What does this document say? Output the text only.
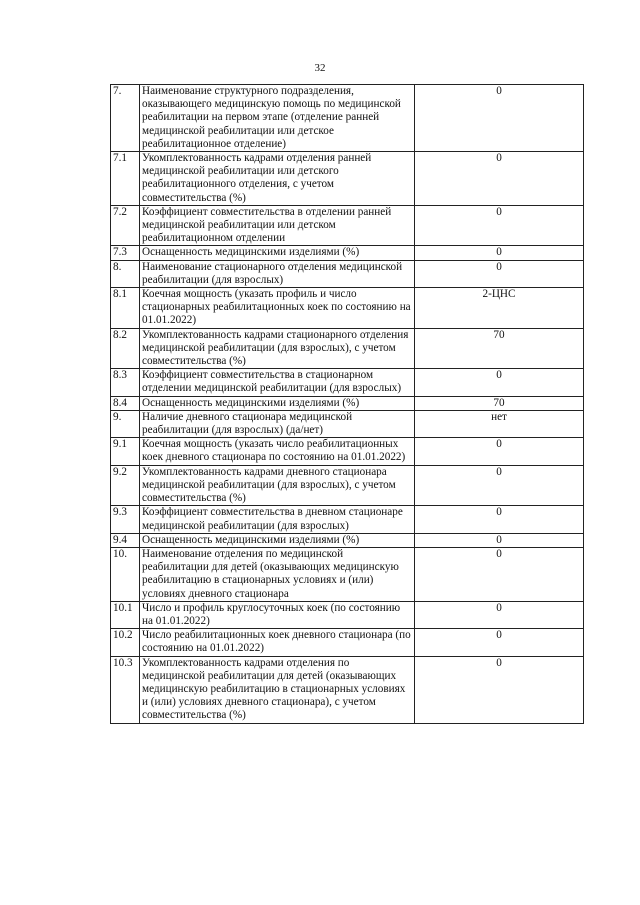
32
7.	Наименование структурного подразделения, оказывающего медицинскую помощь по медицинской реабилитации на первом этапе (отделение ранней медицинской реабилитации или детское реабилитационное отделение)	0
7.1	Укомплектованность кадрами отделения ранней медицинской реабилитации или детского реабилитационного отделения, с учетом совместительства (%)	0
7.2	Коэффициент совместительства в отделении ранней медицинской реабилитации или детском реабилитационном отделении	0
7.3	Оснащенность медицинскими изделиями (%)	0
8.	Наименование стационарного отделения медицинской реабилитации (для взрослых)	0
8.1	Коечная мощность (указать профиль и число стационарных реабилитационных коек по состоянию на 01.01.2022)	2-ЦНС
8.2	Укомплектованность кадрами стационарного отделения медицинской реабилитации (для взрослых), с учетом совместительства (%)	70
8.3	Коэффициент совместительства в стационарном отделении медицинской реабилитации (для взрослых)	0
8.4	Оснащенность медицинскими изделиями (%)	70
9.	Наличие дневного стационара медицинской реабилитации (для взрослых) (да/нет)	нет
9.1	Коечная мощность (указать число реабилитационных коек дневного стационара по состоянию на 01.01.2022)	0
9.2	Укомплектованность кадрами дневного стационара медицинской реабилитации (для взрослых), с учетом совместительства (%)	0
9.3	Коэффициент совместительства в дневном стационаре медицинской реабилитации (для взрослых)	0
9.4	Оснащенность медицинскими изделиями (%)	0
10.	Наименование отделения по медицинской реабилитации для детей (оказывающих медицинскую реабилитацию в стационарных условиях и (или) условиях дневного стационара	0
10.1	Число и профиль круглосуточных коек (по состоянию на 01.01.2022)	0
10.2	Число реабилитационных коек дневного стационара (по состоянию на 01.01.2022)	0
10.3	Укомплектованность кадрами отделения по медицинской реабилитации для детей (оказывающих медицинскую реабилитацию в стационарных условиях и (или) условиях дневного стационара), с учетом совместительства (%)	0
